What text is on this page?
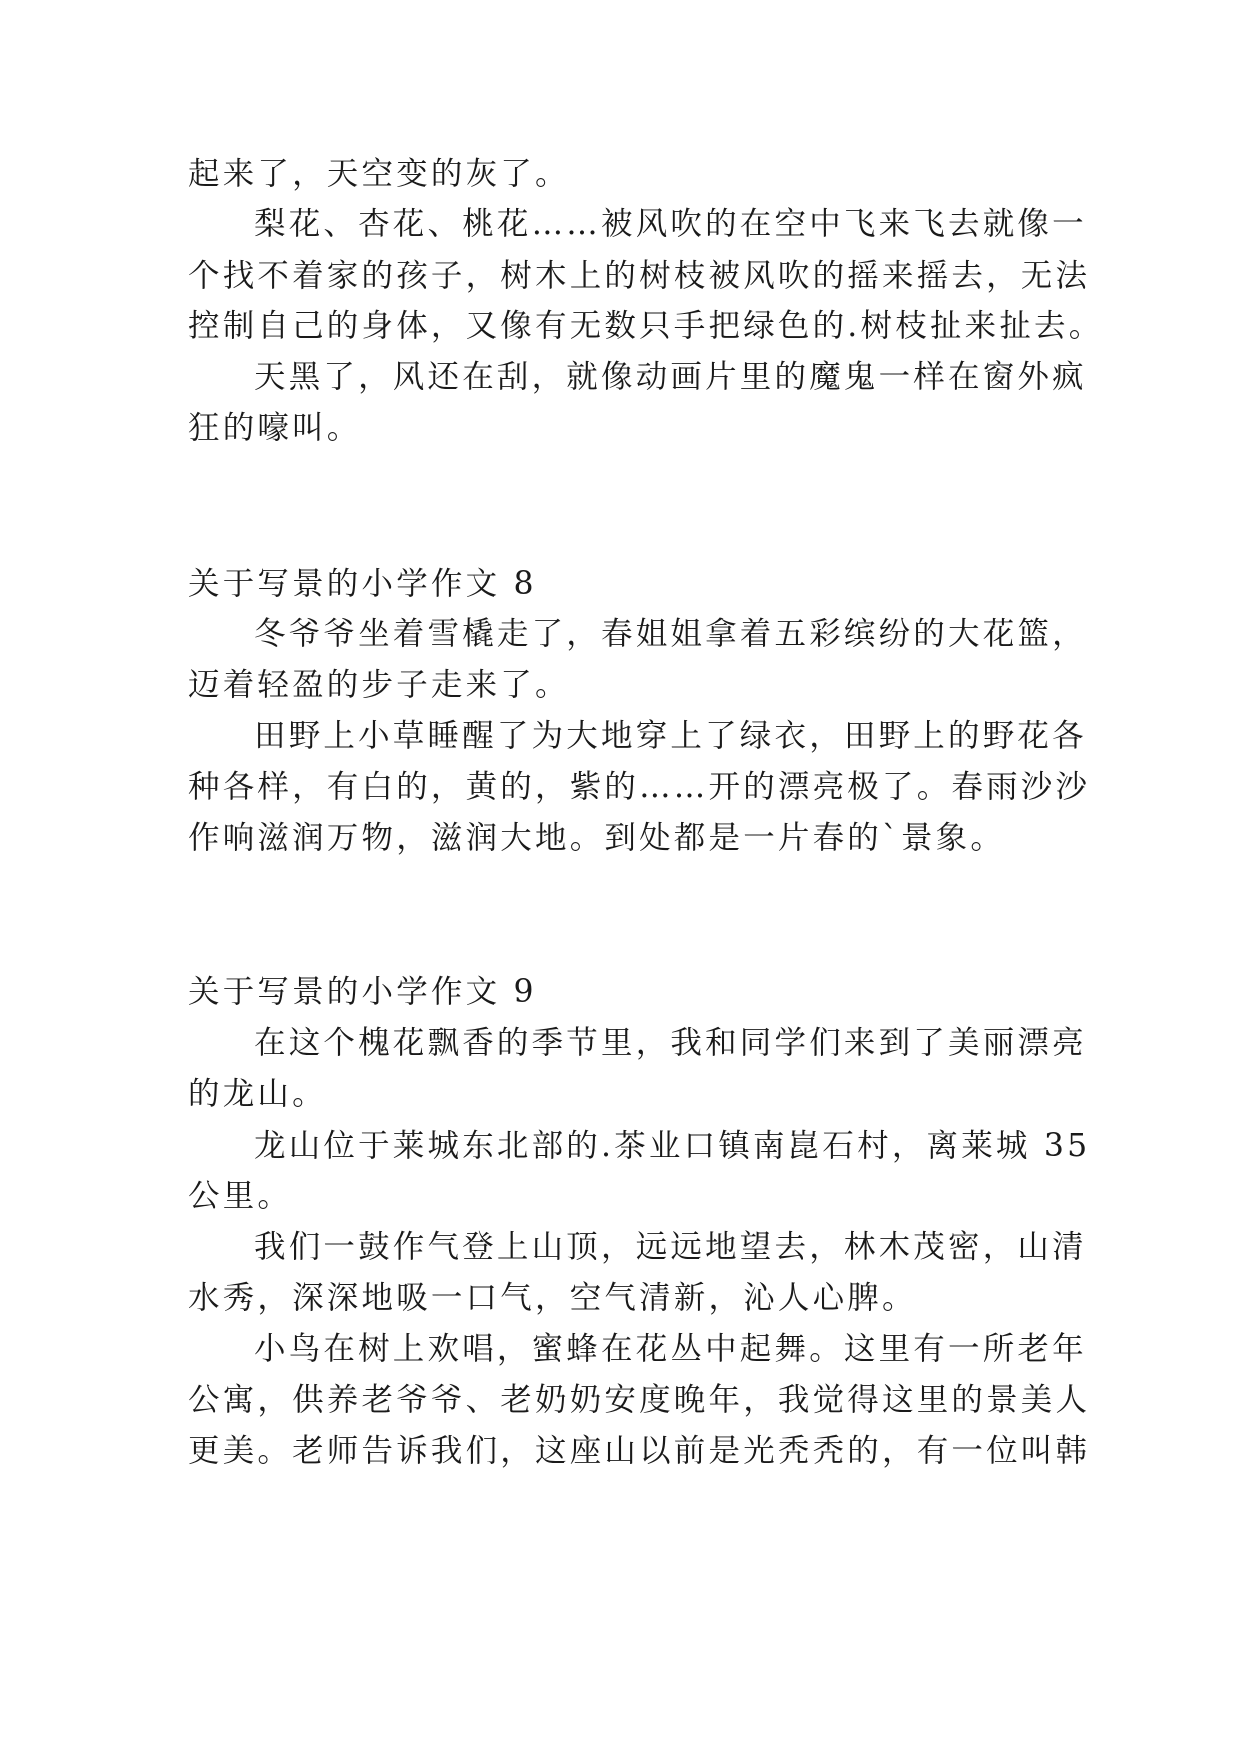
起来了，天空变的灰了。
梨花、杏花、桃花……被风吹的在空中飞来飞去就像一
个找不着家的孩子，树木上的树枝被风吹的摇来摇去，无法
控制自己的身体，又像有无数只手把绿色的.树枝扯来扯去。
天黑了，风还在刮，就像动画片里的魔鬼一样在窗外疯
狂的嚎叫。
关于写景的小学作文 8
冬爷爷坐着雪橇走了，春姐姐拿着五彩缤纷的大花篮，
迈着轻盈的步子走来了。
田野上小草睡醒了为大地穿上了绿衣，田野上的野花各
种各样，有白的，黄的，紫的……开的漂亮极了。春雨沙沙
作响滋润万物，滋润大地。到处都是一片春的`景象。
关于写景的小学作文 9
在这个槐花飘香的季节里，我和同学们来到了美丽漂亮
的龙山。
龙山位于莱城东北部的.茶业口镇南崑石村，离莱城 35
公里。
我们一鼓作气登上山顶，远远地望去，林木茂密，山清
水秀，深深地吸一口气，空气清新，沁人心脾。
小鸟在树上欢唱，蜜蜂在花丛中起舞。这里有一所老年
公寓，供养老爷爷、老奶奶安度晚年，我觉得这里的景美人
更美。老师告诉我们，这座山以前是光秃秃的，有一位叫韩
